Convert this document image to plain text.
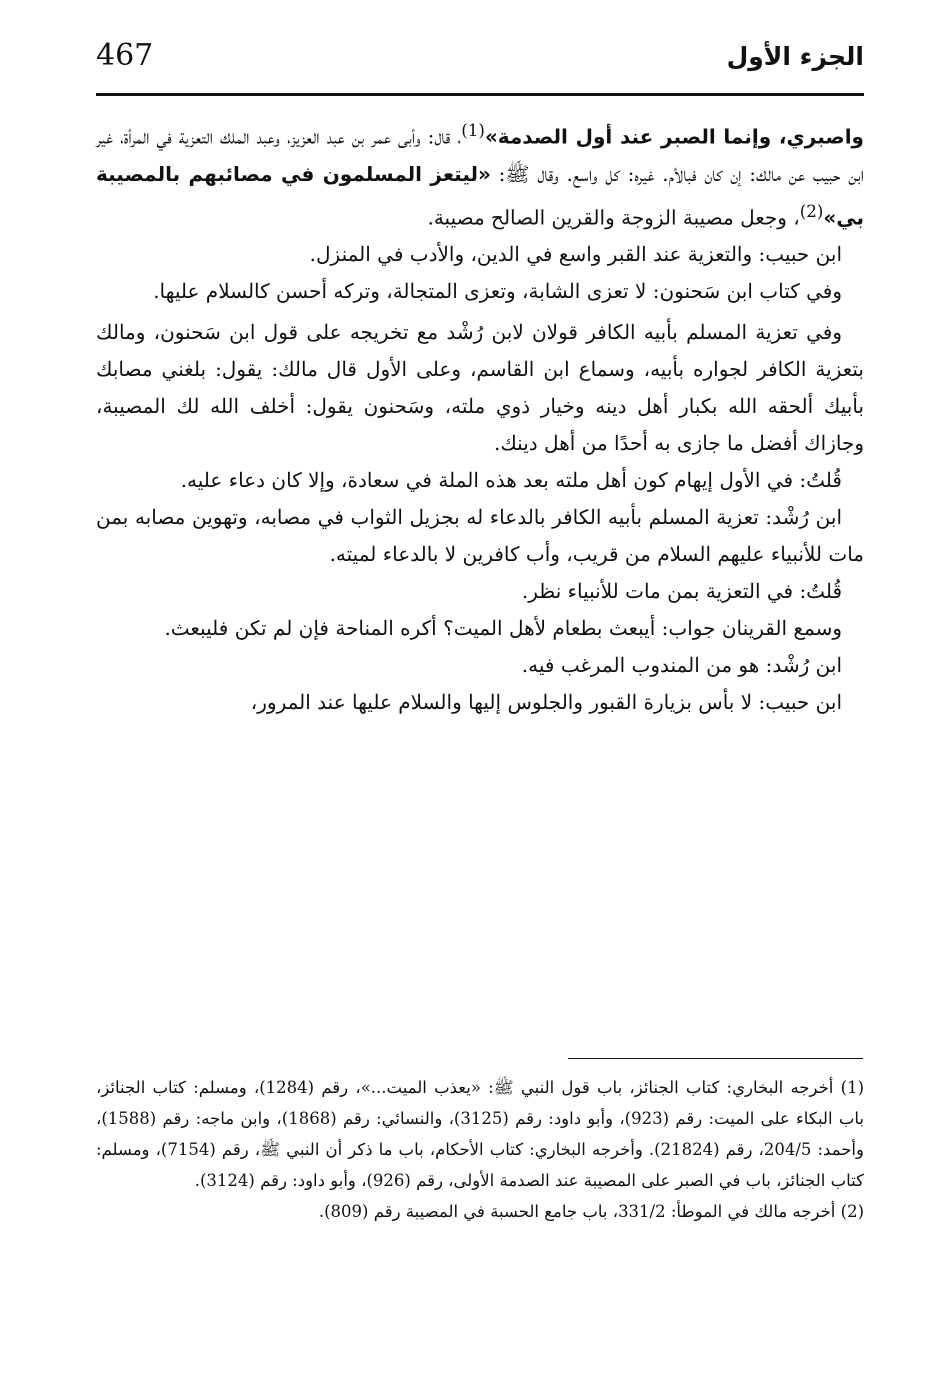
467	الجزء الأول

واصبري، وإنما الصبر عند أول الصدمة»$^{(1)}$، قال: وأبى عمر بن عبد العزيز، وعبد الملك التعزية في المرأة، غير ابن حبيب عن مالك: إن كان فبالأم. غيره: كل واسع. وقال ﷺ: «ليتعز المسلمون في مصائبهم بالمصيبة بي»$^{(2)}$، وجعل مصيبة الزوجة والقرين الصالح مصيبة.

ابن حبيب: والتعزية عند القبر واسع في الدين، والأدب في المنزل.

وفي كتاب ابن سَحنون: لا تعزى الشابة، وتعزى المتجالة، وتركه أحسن كالسلام عليها.

وفي تعزية المسلم بأبيه الكافر قولان لابن رُشْد مع تخريجه على قول ابن سَحنون، ومالك بتعزية الكافر لجواره بأبيه، وسماع ابن القاسم، وعلى الأول قال مالك: يقول: بلغني مصابك بأبيك ألحقه الله بكبار أهل دينه وخيار ذوي ملته، وسَحنون يقول: أخلف الله لك المصيبة، وجازاك أفضل ما جازى به أحدًا من أهل دينك.

قُلتُ: في الأول إيهام كون أهل ملته بعد هذه الملة في سعادة، وإلا كان دعاء عليه.

ابن رُشْد: تعزية المسلم بأبيه الكافر بالدعاء له بجزيل الثواب في مصابه، وتهوين مصابه بمن مات للأنبياء عليهم السلام من قريب، وأب كافرين لا بالدعاء لميته.

قُلتُ: في التعزية بمن مات للأنبياء نظر.

وسمع القرينان جواب: أيبعث بطعام لأهل الميت؟ أكره المناحة فإن لم تكن فليبعث.

ابن رُشْد: هو من المندوب المرغب فيه.

ابن حبيب: لا بأس بزيارة القبور والجلوس إليها والسلام عليها عند المرور،

(1) أخرجه البخاري: كتاب الجنائز، باب قول النبي ﷺ: «يعذب الميت...»، رقم (1284)، ومسلم: كتاب الجنائز، باب البكاء على الميت: رقم (923)، وأبو داود: رقم (3125)، والنسائي: رقم (1868)، وابن ماجه: رقم (1588)، وأحمد: 204/5، رقم (21824). وأخرجه البخاري: كتاب الأحكام، باب ما ذكر أن النبي ﷺ، رقم (7154)، ومسلم: كتاب الجنائز، باب في الصبر على المصيبة عند الصدمة الأولى، رقم (926)، وأبو داود: رقم (3124).

(2) أخرجه مالك في الموطأ: 331/2، باب جامع الحسبة في المصيبة رقم (809).
